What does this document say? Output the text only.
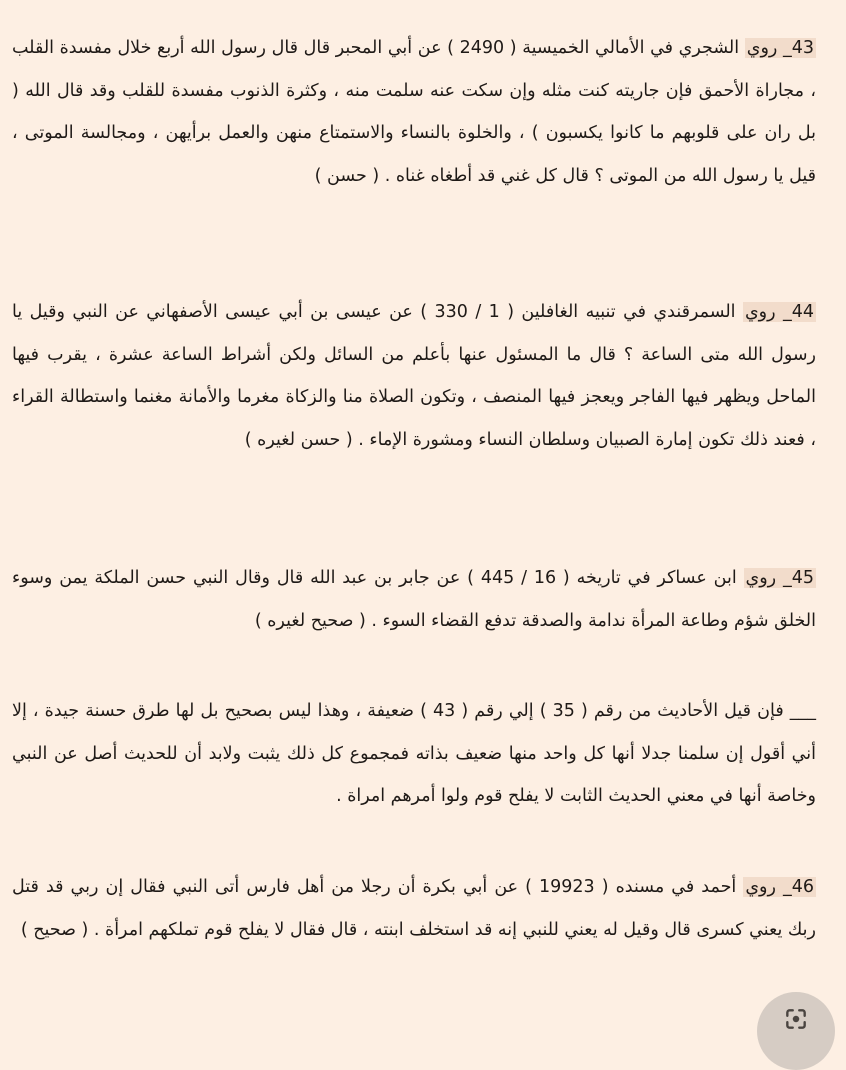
43_ روي الشجري في الأمالي الخميسية ( 2490 ) عن أبي المحبر قال قال رسول الله أربع خلال مفسدة القلب ، مجاراة الأحمق فإن جاريته كنت مثله وإن سكت عنه سلمت منه ، وكثرة الذنوب مفسدة للقلب وقد قال الله ( بل ران على قلوبهم ما كانوا يكسبون ) ، والخلوة بالنساء والاستمتاع منهن والعمل برأيهن ، ومجالسة الموتى ، قيل يا رسول الله من الموتى ؟ قال كل غني قد أطغاه غناه . ( حسن )
44_ روي السمرقندي في تنبيه الغافلين ( 1 / 330 ) عن عيسى بن أبي عيسى الأصفهاني عن النبي وقيل يا رسول الله متى الساعة ؟ قال ما المسئول عنها بأعلم من السائل ولكن أشراط الساعة عشرة ، يقرب فيها الماحل ويظهر فيها الفاجر ويعجز فيها المنصف ، وتكون الصلاة منا والزكاة مغرما والأمانة مغنما واستطالة القراء ، فعند ذلك تكون إمارة الصبيان وسلطان النساء ومشورة الإماء . ( حسن لغيره )
45_ روي ابن عساكر في تاريخه ( 16 / 445 ) عن جابر بن عبد الله قال وقال النبي حسن الملكة يمن وسوء الخلق شؤم وطاعة المرأة ندامة والصدقة تدفع القضاء السوء . ( صحيح لغيره )
___ فإن قيل الأحاديث من رقم ( 35 ) إلي رقم ( 43 ) ضعيفة ، وهذا ليس بصحيح بل لها طرق حسنة جيدة ، إلا أني أقول إن سلمنا جدلا أنها كل واحد منها ضعيف بذاته فمجموع كل ذلك يثبت ولابد أن للحديث أصل عن النبي وخاصة أنها في معني الحديث الثابت لا يفلح قوم ولوا أمرهم امراة .
46_ روي أحمد في مسنده ( 19923 ) عن أبي بكرة أن رجلا من أهل فارس أتى النبي فقال إن ربي قد قتل ربك يعني كسرى قال وقيل له يعني للنبي إنه قد استخلف ابنته ، قال فقال لا يفلح قوم تملكهم امرأة . ( صحيح )
